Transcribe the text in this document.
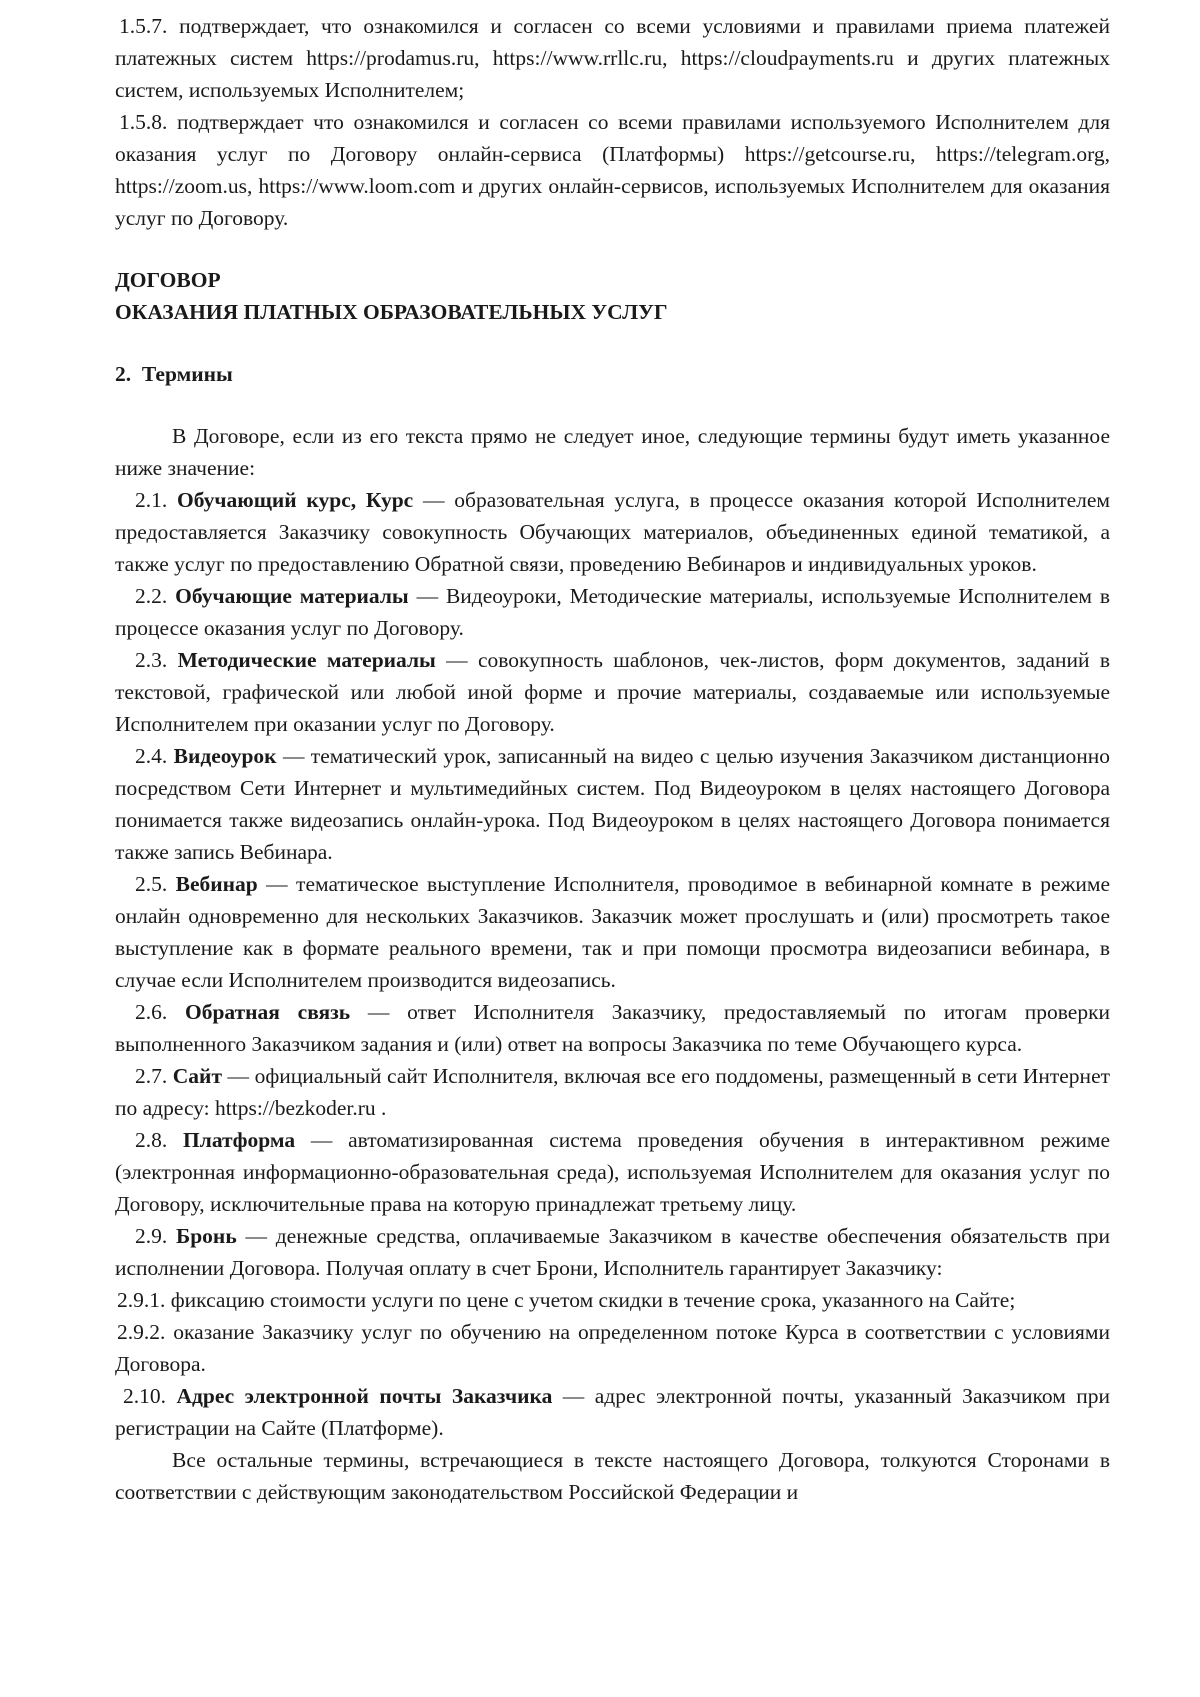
1.5.7. подтверждает, что ознакомился и согласен со всеми условиями и правилами приема платежей платежных систем https://prodamus.ru, https://www.rrllc.ru, https://cloudpayments.ru и других платежных систем, используемых Исполнителем;

1.5.8. подтверждает что ознакомился и согласен со всеми правилами используемого Исполнителем для оказания услуг по Договору онлайн-сервиса (Платформы) https://getcourse.ru, https://telegram.org, https://zoom.us, https://www.loom.com и других онлайн-сервисов, используемых Исполнителем для оказания услуг по Договору.

ДОГОВОР

ОКАЗАНИЯ ПЛАТНЫХ ОБРАЗОВАТЕЛЬНЫХ УСЛУГ

2. Термины

В Договоре, если из его текста прямо не следует иное, следующие термины будут иметь указанное ниже значение:

2.1. Обучающий курс, Курс — образовательная услуга, в процессе оказания которой Исполнителем предоставляется Заказчику совокупность Обучающих материалов, объединенных единой тематикой, а также услуг по предоставлению Обратной связи, проведению Вебинаров и индивидуальных уроков.

2.2. Обучающие материалы — Видеоуроки, Методические материалы, используемые Исполнителем в процессе оказания услуг по Договору.

2.3. Методические материалы — совокупность шаблонов, чек-листов, форм документов, заданий в текстовой, графической или любой иной форме и прочие материалы, создаваемые или используемые Исполнителем при оказании услуг по Договору.

2.4. Видеоурок — тематический урок, записанный на видео с целью изучения Заказчиком дистанционно посредством Сети Интернет и мультимедийных систем. Под Видеоуроком в целях настоящего Договора понимается также видеозапись онлайн-урока. Под Видеоуроком в целях настоящего Договора понимается также запись Вебинара.

2.5. Вебинар — тематическое выступление Исполнителя, проводимое в вебинарной комнате в режиме онлайн одновременно для нескольких Заказчиков. Заказчик может прослушать и (или) просмотреть такое выступление как в формате реального времени, так и при помощи просмотра видеозаписи вебинара, в случае если Исполнителем производится видеозапись.

2.6. Обратная связь — ответ Исполнителя Заказчику, предоставляемый по итогам проверки выполненного Заказчиком задания и (или) ответ на вопросы Заказчика по теме Обучающего курса.

2.7. Сайт — официальный сайт Исполнителя, включая все его поддомены, размещенный в сети Интернет по адресу: https://bezkoder.ru .

2.8. Платформа — автоматизированная система проведения обучения в интерактивном режиме (электронная информационно-образовательная среда), используемая Исполнителем для оказания услуг по Договору, исключительные права на которую принадлежат третьему лицу.

2.9. Бронь — денежные средства, оплачиваемые Заказчиком в качестве обеспечения обязательств при исполнении Договора. Получая оплату в счет Брони, Исполнитель гарантирует Заказчику:

2.9.1. фиксацию стоимости услуги по цене с учетом скидки в течение срока, указанного на Сайте;

2.9.2. оказание Заказчику услуг по обучению на определенном потоке Курса в соответствии с условиями Договора.

2.10. Адрес электронной почты Заказчика — адрес электронной почты, указанный Заказчиком при регистрации на Сайте (Платформе).

Все остальные термины, встречающиеся в тексте настоящего Договора, толкуются Сторонами в соответствии с действующим законодательством Российской Федерации и
